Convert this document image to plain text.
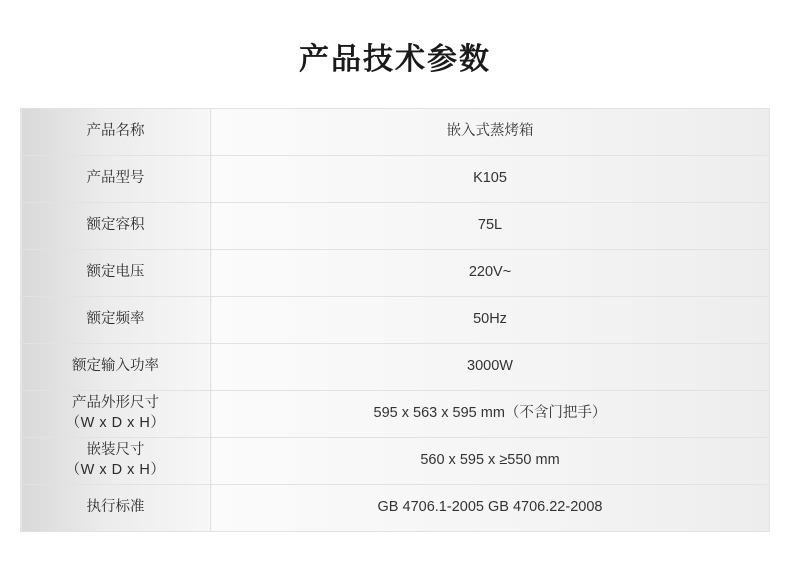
产品技术参数
产品名称	嵌入式蒸烤箱

产品型号	K105

额定容积	75L

额定电压	220V~

额定频率	50Hz

额定输入功率	3000W

产品外形尺寸
（W x D x H）	595 x 563 x 595 mm（不含门把手）

嵌装尺寸
（W x D x H）	560 x 595 x ≥550 mm

执行标准	GB 4706.1-2005 GB 4706.22-2008
